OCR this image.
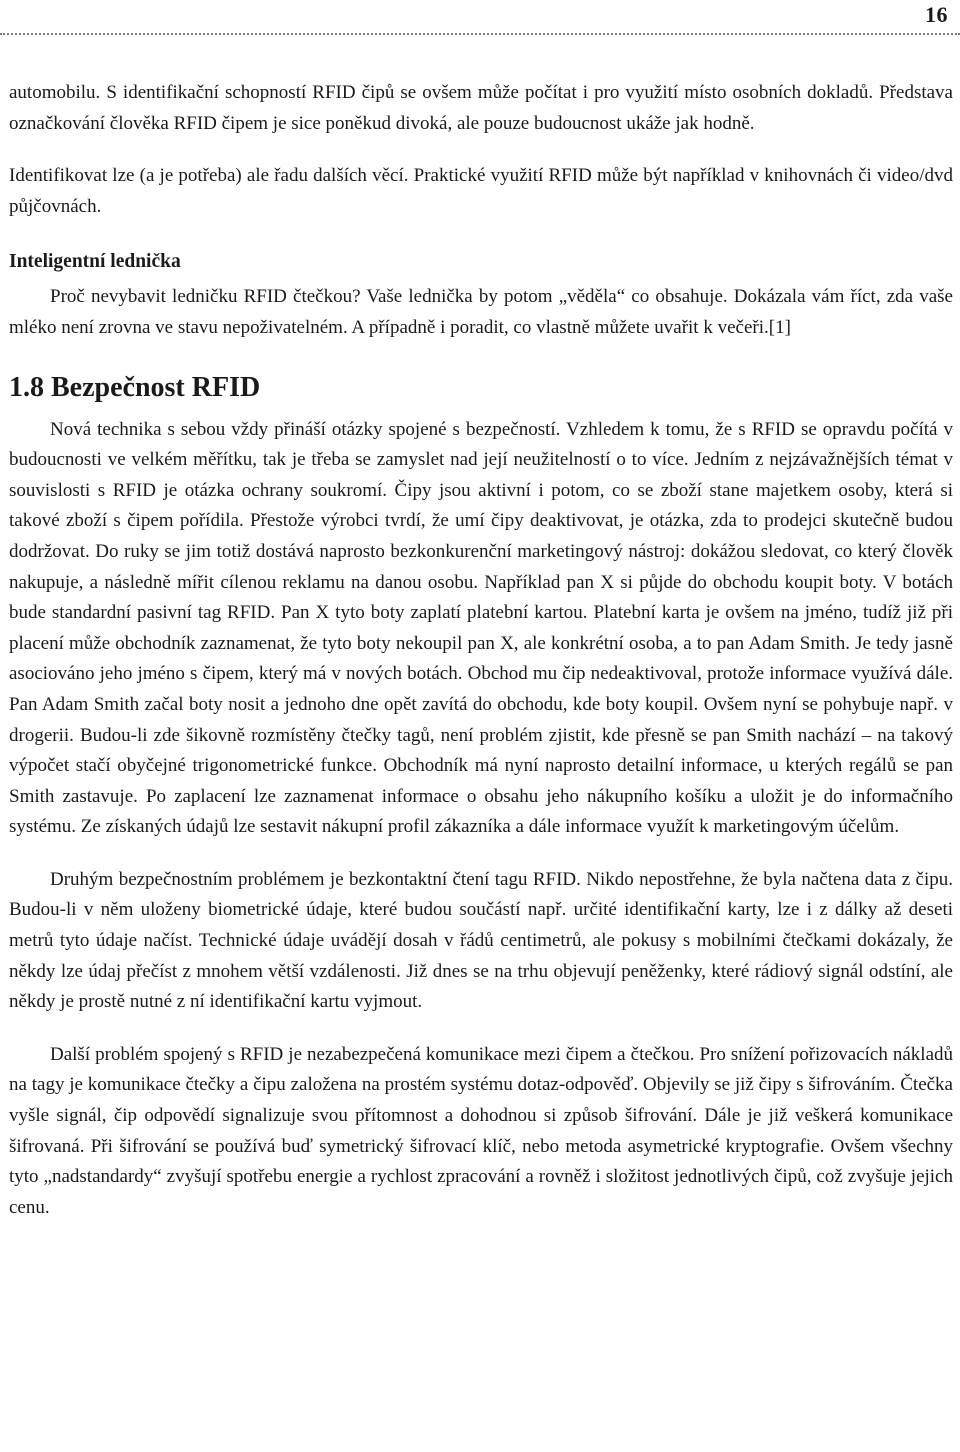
16

automobilu. S identifikační schopností RFID čipů se ovšem může počítat i pro využití místo osobních dokladů. Představa označkování člověka RFID čipem je sice poněkud divoká, ale pouze budoucnost ukáže jak hodně.

Identifikovat lze (a je potřeba) ale řadu dalších věcí. Praktické využití RFID může být například v knihovnách či video/dvd půjčovnách.

Inteligentní lednička

Proč nevybavit ledničku RFID čtečkou? Vaše lednička by potom „věděla“ co obsahuje. Dokázala vám říct, zda vaše mléko není zrovna ve stavu nepoživatelném. A případně i poradit, co vlastně můžete uvařit k večeři.[1]

1.8 Bezpečnost RFID

Nová technika s sebou vždy přináší otázky spojené s bezpečností. Vzhledem k tomu, že s RFID se opravdu počítá v budoucnosti ve velkém měřítku, tak je třeba se zamyslet nad její neužitelností o to více. Jedním z nejzávažnějších témat v souvislosti s RFID je otázka ochrany soukromí. Čipy jsou aktivní i potom, co se zboží stane majetkem osoby, která si takové zboží s čipem pořídila. Přestože výrobci tvrdí, že umí čipy deaktivovat, je otázka, zda to prodejci skutečně budou dodržovat. Do ruky se jim totiž dostává naprosto bezkonkurenční marketingový nástroj: dokážou sledovat, co který člověk nakupuje, a následně mířit cílenou reklamu na danou osobu. Například pan X si půjde do obchodu koupit boty. V botách bude standardní pasivní tag RFID. Pan X tyto boty zaplatí platební kartou. Platební karta je ovšem na jméno, tudíž již při placení může obchodník zaznamenat, že tyto boty nekoupil pan X, ale konkrétní osoba, a to pan Adam Smith. Je tedy jasně asociováno jeho jméno s čipem, který má v nových botách. Obchod mu čip nedeaktivoval, protože informace využívá dále. Pan Adam Smith začal boty nosit a jednoho dne opět zavítá do obchodu, kde boty koupil. Ovšem nyní se pohybuje např. v drogerii. Budou-li zde šikovně rozmístěny čtečky tagů, není problém zjistit, kde přesně se pan Smith nachází – na takový výpočet stačí obyčejné trigonometrické funkce. Obchodník má nyní naprosto detailní informace, u kterých regálů se pan Smith zastavuje. Po zaplacení lze zaznamenat informace o obsahu jeho nákupního košíku a uložit je do informačního systému. Ze získaných údajů lze sestavit nákupní profil zákazníka a dále informace využít k marketingovým účelům.

Druhým bezpečnostním problémem je bezkontaktní čtení tagu RFID. Nikdo nepostřehne, že byla načtena data z čipu. Budou-li v něm uloženy biometrické údaje, které budou součástí např. určité identifikační karty, lze i z dálky až deseti metrů tyto údaje načíst. Technické údaje uvádějí dosah v řádů centimetrů, ale pokusy s mobilními čtečkami dokázaly, že někdy lze údaj přečíst z mnohem větší vzdálenosti. Již dnes se na trhu objevují peněženky, které rádiový signál odstíní, ale někdy je prostě nutné z ní identifikační kartu vyjmout.

Další problém spojený s RFID je nezabezpečená komunikace mezi čipem a čtečkou. Pro snížení pořizovacích nákladů na tagy je komunikace čtečky a čipu založena na prostém systému dotaz-odpověď. Objevily se již čipy s šifrováním. Čtečka vyšle signál, čip odpovědí signalizuje svou přítomnost a dohodnou si způsob šifrování. Dále je již veškerá komunikace šifrovaná. Při šifrování se používá buď symetrický šifrovací klíč, nebo metoda asymetrické kryptografie. Ovšem všechny tyto „nadstandardy“ zvyšují spotřebu energie a rychlost zpracování a rovněž i složitost jednotlivých čipů, což zvyšuje jejich cenu.
